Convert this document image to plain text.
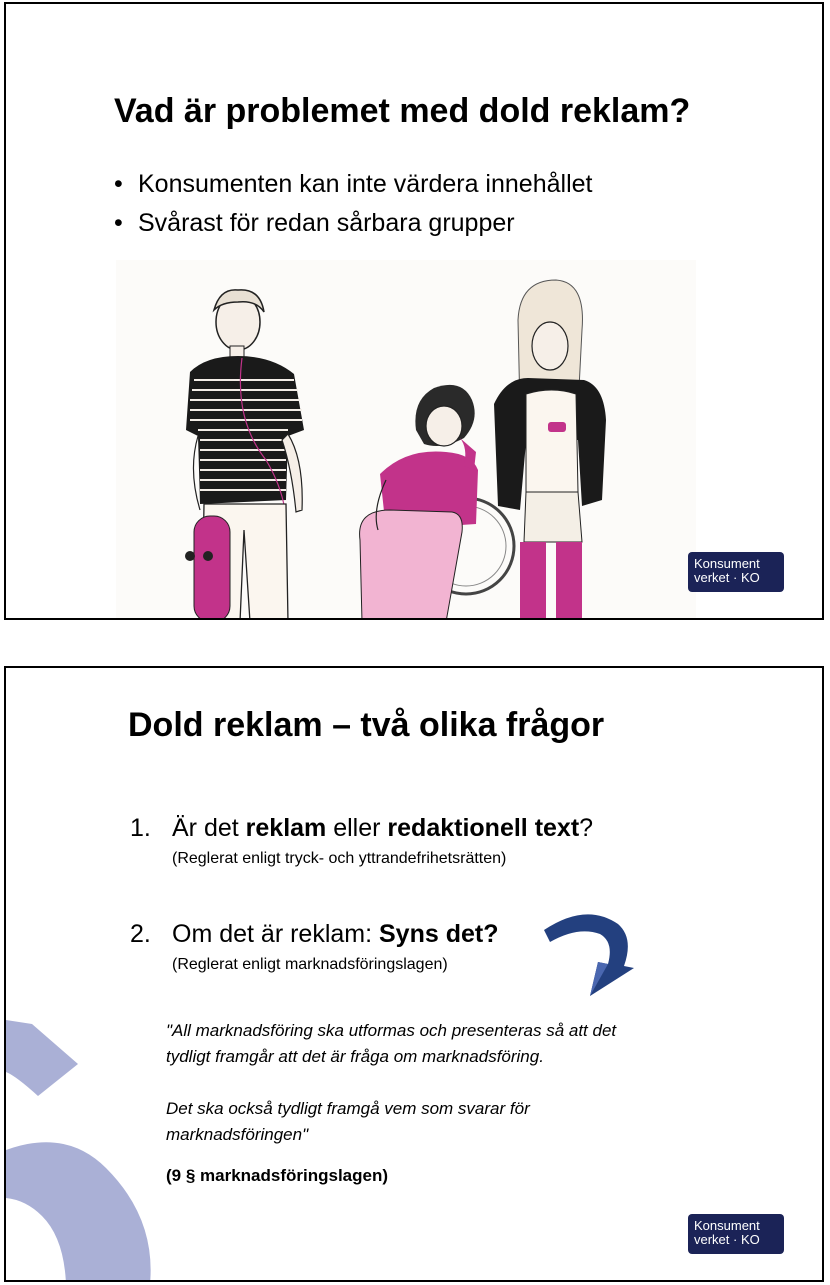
Vad är problemet med dold reklam?
• Konsumenten kan inte värdera innehållet
• Svårast för redan sårbara grupper
Konsument
verket · KO
Dold reklam – två olika frågor
1. Är det reklam eller redaktionell text?
(Reglerat enligt tryck- och yttrandefrihetsrätten)
2. Om det är reklam: Syns det?
(Reglerat enligt marknadsföringslagen)
"All marknadsföring ska utformas och presenteras så att det
tydligt framgår att det är fråga om marknadsföring.
Det ska också tydligt framgå vem som svarar för
marknadsföringen"
(9 § marknadsföringslagen)
Konsument
verket · KO
